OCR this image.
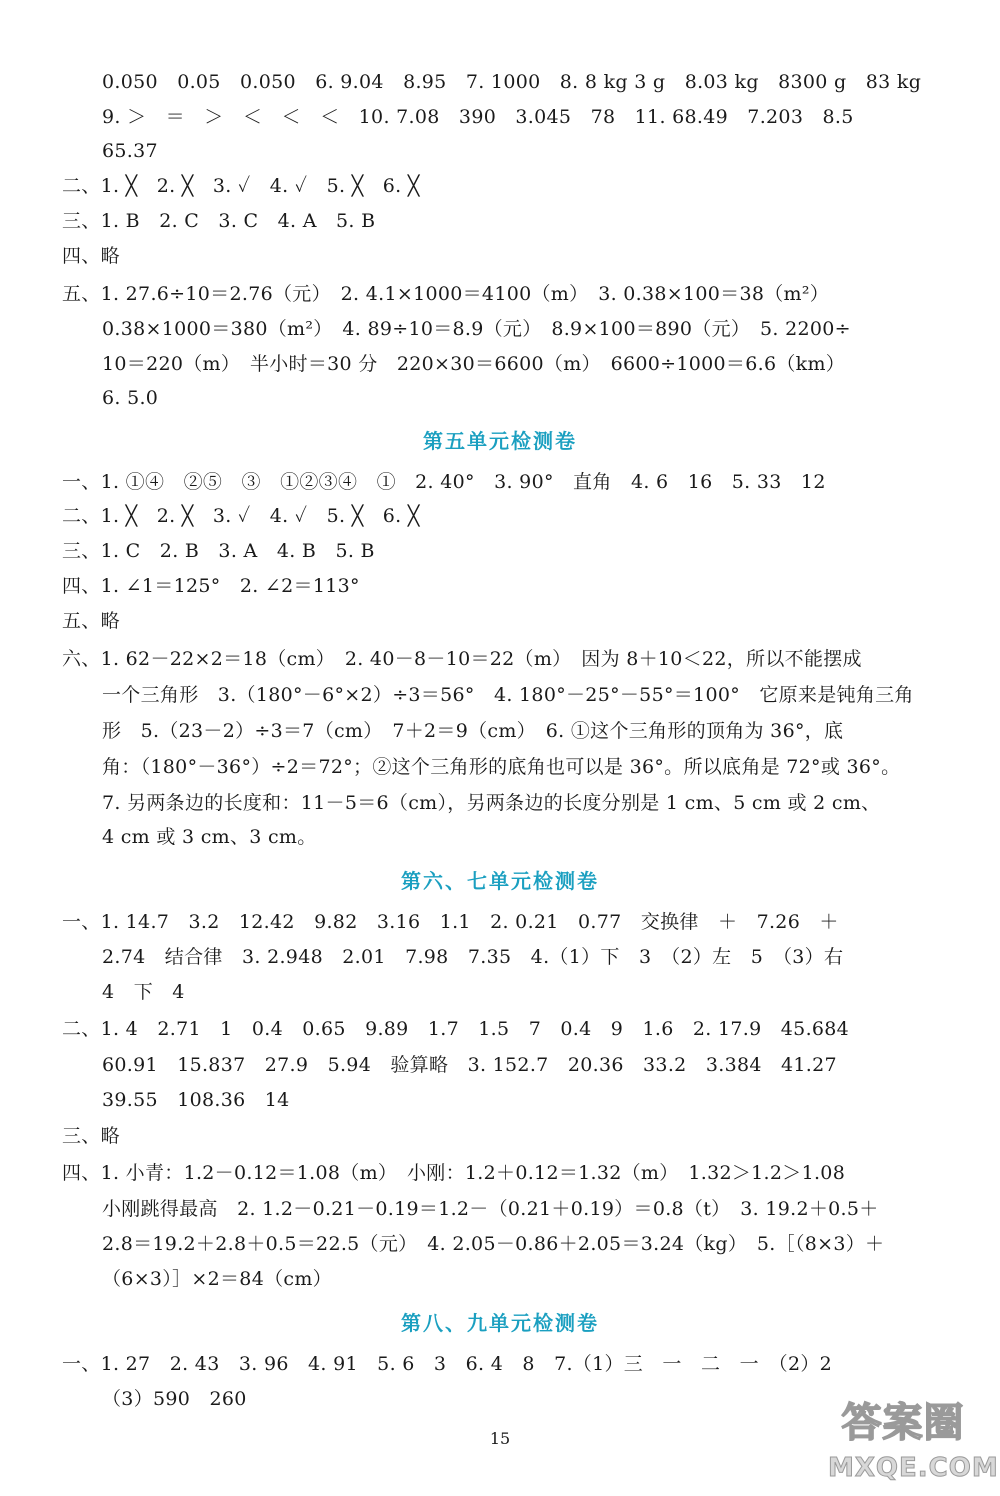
0.050　0.05　0.050　6. 9.04　8.95　7. 1000　8. 8 kg 3 g　8.03 kg　8300 g　83 kg
9. ＞　＝　＞　＜　＜　＜　10. 7.08　390　3.045　78　11. 68.49　7.203　8.5
65.37
二、1. ╳　2. ╳　3. ✓　4. ✓　5. ╳　6. ╳
三、1. B　2. C　3. C　4. A　5. B
四、略
五、1. 27.6÷10＝2.76（元）　2. 4.1×1000＝4100（m）　3. 0.38×100＝38（m²）
0.38×1000＝380（m²）　4. 89÷10＝8.9（元）　8.9×100＝890（元）　5. 2200÷
10＝220（m）　半小时＝30 分　220×30＝6600（m）　6600÷1000＝6.6（km）
6. 5.0
第五单元检测卷
一、1. ①④　②⑤　③　①②③④　①　2. 40°　3. 90°　直角　4. 6　16　5. 33　12
二、1. ╳　2. ╳　3. ✓　4. ✓　5. ╳　6. ╳
三、1. C　2. B　3. A　4. B　5. B
四、1. ∠1＝125°　2. ∠2＝113°
五、略
六、1. 62－22×2＝18（cm）　2. 40－8－10＝22（m）　因为 8＋10＜22，所以不能摆成
一个三角形　3.（180°－6°×2）÷3＝56°　4. 180°－25°－55°＝100°　它原来是钝角三角
形　5.（23－2）÷3＝7（cm）　7＋2＝9（cm）　6. ①这个三角形的顶角为 36°，底
角：（180°－36°）÷2＝72°；②这个三角形的底角也可以是 36°。所以底角是 72°或 36°。
7. 另两条边的长度和：11－5＝6（cm），另两条边的长度分别是 1 cm、5 cm 或 2 cm、
4 cm 或 3 cm、3 cm。
第六、七单元检测卷
一、1. 14.7　3.2　12.42　9.82　3.16　1.1　2. 0.21　0.77　交换律　＋　7.26　＋
2.74　结合律　3. 2.948　2.01　7.98　7.35　4.（1）下　3　（2）左　5　（3）右
4　下　4
二、1. 4　2.71　1　0.4　0.65　9.89　1.7　1.5　7　0.4　9　1.6　2. 17.9　45.684
60.91　15.837　27.9　5.94　验算略　3. 152.7　20.36　33.2　3.384　41.27
39.55　108.36　14
三、略
四、1. 小青：1.2－0.12＝1.08（m）　小刚：1.2＋0.12＝1.32（m）　1.32＞1.2＞1.08
小刚跳得最高　2. 1.2－0.21－0.19＝1.2－（0.21＋0.19）＝0.8（t）　3. 19.2＋0.5＋
2.8＝19.2＋2.8＋0.5＝22.5（元）　4. 2.05－0.86＋2.05＝3.24（kg）　5.［（8×3）＋
（6×3）］×2＝84（cm）
第八、九单元检测卷
一、1. 27　2. 43　3. 96　4. 91　5. 6　3　6. 4　8　7.（1）三　一　二　一　（2）2
（3）590　260
15	答案圈
MXQE.COM
